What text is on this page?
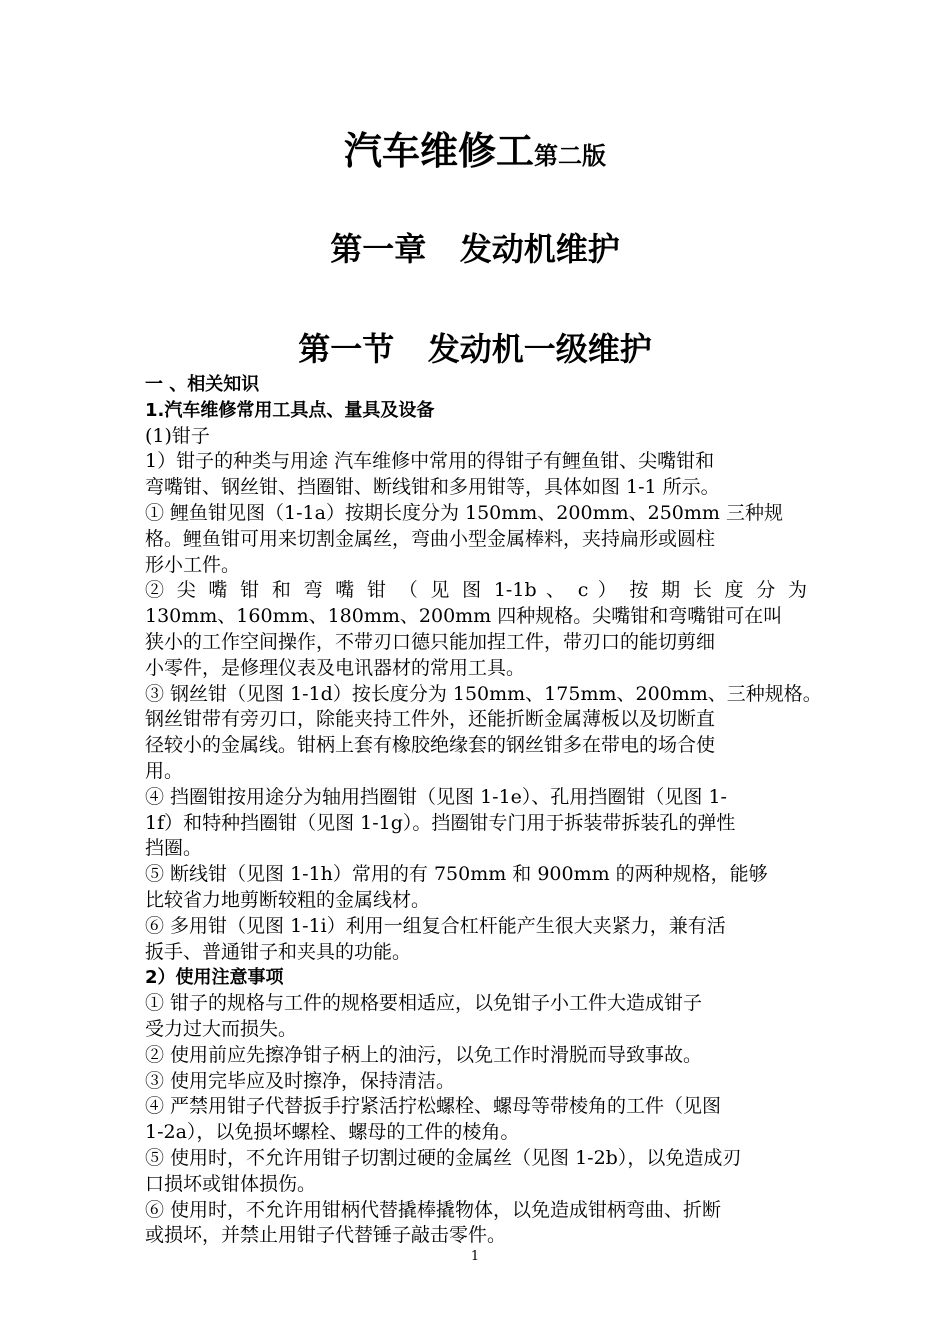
汽车维修工第二版
第一章   发动机维护
第一节   发动机一级维护
一 、相关知识
1.汽车维修常用工具点、量具及设备
(1)钳子
1）钳子的种类与用途 汽车维修中常用的得钳子有鲤鱼钳、尖嘴钳和
弯嘴钳、钢丝钳、挡圈钳、断线钳和多用钳等，具体如图 1-1 所示。
① 鲤鱼钳见图（1-1a）按期长度分为 150mm、200mm、250mm 三种规
格。鲤鱼钳可用来切割金属丝，弯曲小型金属棒料，夹持扁形或圆柱
形小工件。
② 尖 嘴 钳 和 弯 嘴 钳 （ 见 图 1-1b 、 c ） 按 期 长 度 分 为
130mm、160mm、180mm、200mm 四种规格。尖嘴钳和弯嘴钳可在叫
狭小的工作空间操作，不带刃口德只能加捏工件，带刃口的能切剪细
小零件，是修理仪表及电讯器材的常用工具。
③ 钢丝钳（见图 1-1d）按长度分为 150mm、175mm、200mm、三种规格。
钢丝钳带有旁刃口，除能夹持工件外，还能折断金属薄板以及切断直
径较小的金属线。钳柄上套有橡胶绝缘套的钢丝钳多在带电的场合使
用。
④ 挡圈钳按用途分为轴用挡圈钳（见图 1-1e）、孔用挡圈钳（见图 1-
1f）和特种挡圈钳（见图 1-1g）。挡圈钳专门用于拆装带拆装孔的弹性
挡圈。
⑤ 断线钳（见图 1-1h）常用的有 750mm 和 900mm 的两种规格，能够
比较省力地剪断较粗的金属线材。
⑥ 多用钳（见图 1-1i）利用一组复合杠杆能产生很大夹紧力，兼有活
扳手、普通钳子和夹具的功能。
2）使用注意事项
① 钳子的规格与工件的规格要相适应，以免钳子小工件大造成钳子
受力过大而损失。
② 使用前应先擦净钳子柄上的油污，以免工作时滑脱而导致事故。
③ 使用完毕应及时擦净，保持清洁。
④ 严禁用钳子代替扳手拧紧活拧松螺栓、螺母等带棱角的工件（见图
1-2a），以免损坏螺栓、螺母的工件的棱角。
⑤ 使用时，不允许用钳子切割过硬的金属丝（见图 1-2b），以免造成刃
口损坏或钳体损伤。
⑥ 使用时，不允许用钳柄代替撬棒撬物体，以免造成钳柄弯曲、折断
或损坏，并禁止用钳子代替锤子敲击零件。
1
